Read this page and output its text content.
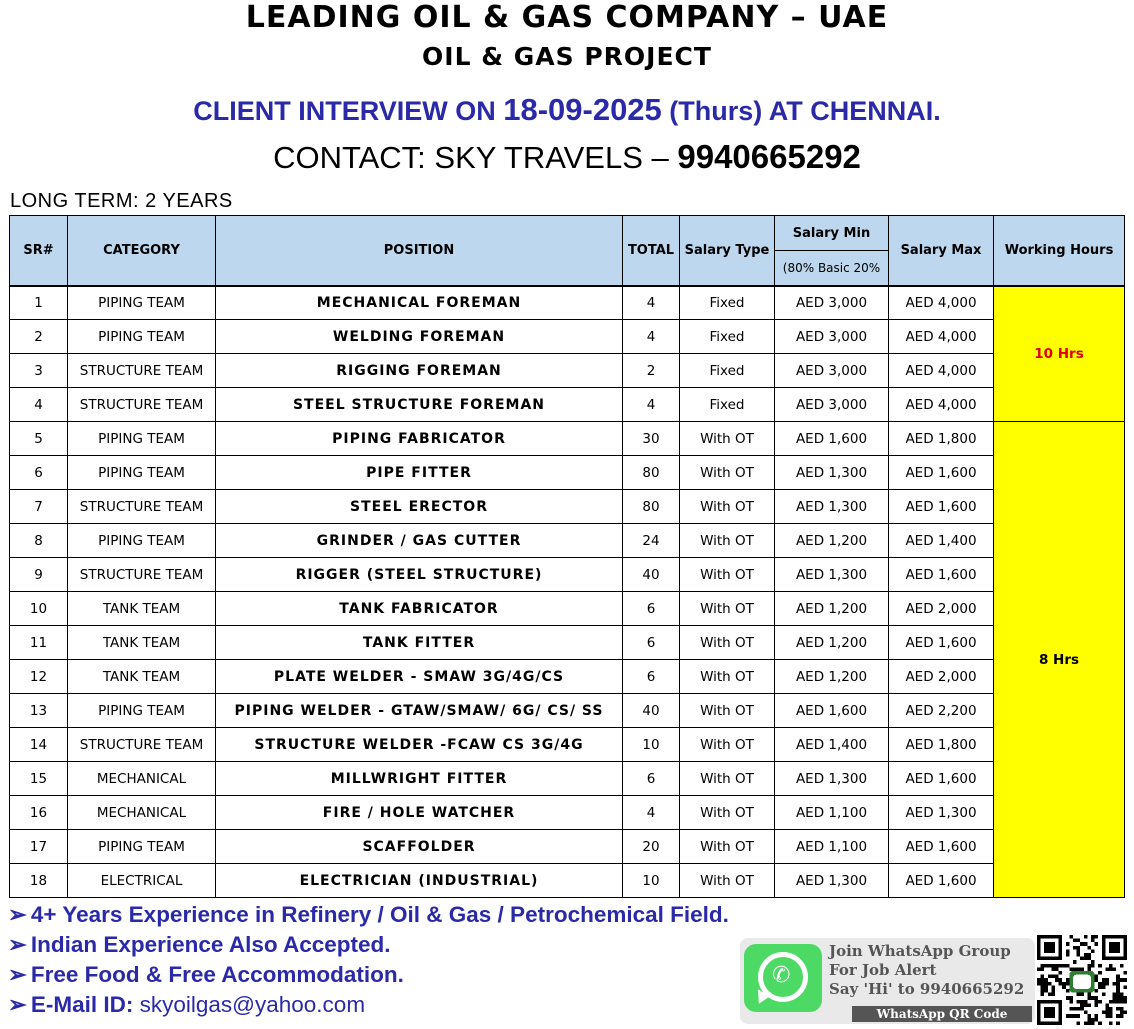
LEADING OIL & GAS COMPANY – UAE
OIL & GAS PROJECT
CLIENT INTERVIEW ON 18-09-2025 (Thurs) AT CHENNAI.
CONTACT: SKY TRAVELS – 9940665292
LONG TERM: 2 YEARS
SR#	CATEGORY	POSITION	TOTAL	Salary Type	Salary Min	Salary Max	Working Hours
					(80% Basic 20%		
1	PIPING TEAM	MECHANICAL FOREMAN	4	Fixed	AED 3,000	AED 4,000	10 Hrs
2	PIPING TEAM	WELDING FOREMAN	4	Fixed	AED 3,000	AED 4,000	
3	STRUCTURE TEAM	RIGGING FOREMAN	2	Fixed	AED 3,000	AED 4,000	
4	STRUCTURE TEAM	STEEL STRUCTURE FOREMAN	4	Fixed	AED 3,000	AED 4,000	
5	PIPING TEAM	PIPING FABRICATOR	30	With OT	AED 1,600	AED 1,800	8 Hrs
6	PIPING TEAM	PIPE FITTER	80	With OT	AED 1,300	AED 1,600	
7	STRUCTURE TEAM	STEEL ERECTOR	80	With OT	AED 1,300	AED 1,600	
8	PIPING TEAM	GRINDER / GAS CUTTER	24	With OT	AED 1,200	AED 1,400	
9	STRUCTURE TEAM	RIGGER (STEEL STRUCTURE)	40	With OT	AED 1,300	AED 1,600	
10	TANK TEAM	TANK FABRICATOR	6	With OT	AED 1,200	AED 2,000	
11	TANK TEAM	TANK FITTER	6	With OT	AED 1,200	AED 1,600	
12	TANK TEAM	PLATE WELDER - SMAW 3G/4G/CS	6	With OT	AED 1,200	AED 2,000	
13	PIPING TEAM	PIPING WELDER - GTAW/SMAW/ 6G/ CS/ SS	40	With OT	AED 1,600	AED 2,200	
14	STRUCTURE TEAM	STRUCTURE WELDER -FCAW CS 3G/4G	10	With OT	AED 1,400	AED 1,800	
15	MECHANICAL	MILLWRIGHT FITTER	6	With OT	AED 1,300	AED 1,600	
16	MECHANICAL	FIRE / HOLE WATCHER	4	With OT	AED 1,100	AED 1,300	
17	PIPING TEAM	SCAFFOLDER	20	With OT	AED 1,100	AED 1,600	
18	ELECTRICAL	ELECTRICIAN (INDUSTRIAL)	10	With OT	AED 1,300	AED 1,600	
➢ 4+ Years Experience in Refinery / Oil & Gas / Petrochemical Field.
➢ Indian Experience Also Accepted.
➢ Free Food & Free Accommodation.
➢ E-Mail ID: skyoilgas@yahoo.com
✆
Join WhatsApp Group
For Job Alert
Say 'Hi' to 9940665292
WhatsApp QR Code
